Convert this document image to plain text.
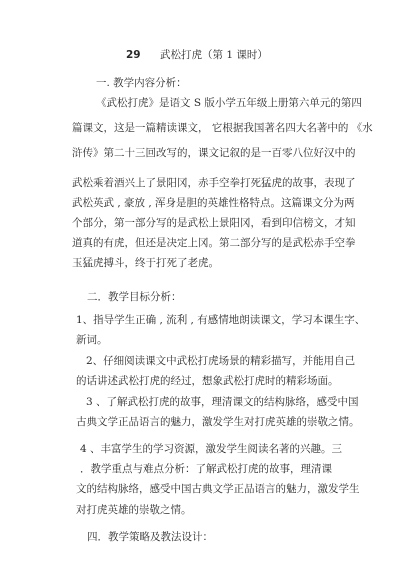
29 武松打虎（第 1 课时）
一. 教学内容分析：
《武松打虎》是语文 S 版小学五年级上册第六单元的第四
篇课文，这是一篇精读课文， 它根据我国著名四大名著中的 《水
浒传》第二十三回改写的，课文记叙的是一百零八位好汉中的
武松乘着酒兴上了景阳冈，赤手空拳打死猛虎的故事，表现了
武松英武 , 豪放 , 浑身是胆的英雄性格特点。这篇课文分为两
个部分，第一部分写的是武松上景阳冈，看到印信榜文，才知
道真的有虎，但还是决定上冈。第二部分写的是武松赤手空拳
玉猛虎搏斗，终于打死了老虎。
二．教学目标分析：
1、指导学生正确 , 流利 , 有感情地朗读课文，学习本课生字、
新词。
2、仔细阅读课文中武松打虎场景的精彩描写，并能用自己
的话讲述武松打虎的经过，想象武松打虎时的精彩场面。
3 、了解武松打虎的故事，理清课文的结构脉络，感受中国
古典文学正品语言的魅力，激发学生对打虎英雄的崇敬之情。
4 、丰富学生的学习资源，激发学生阅读名著的兴趣。三
．教学重点与难点分析：了解武松打虎的故事，理清课
文的结构脉络，感受中国古典文学正品语言的魅力，激发学生
对打虎英雄的崇敬之情。
四．教学策略及教法设计：
